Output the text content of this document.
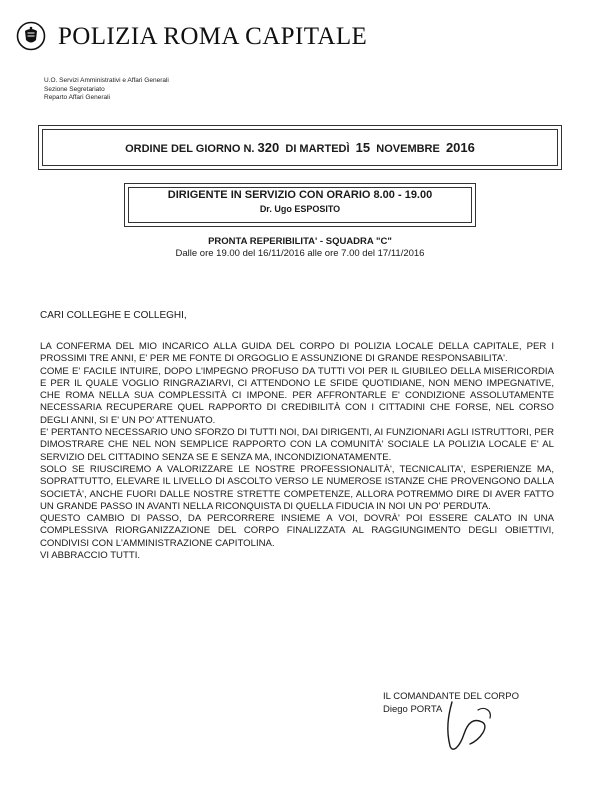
POLIZIA ROMA CAPITALE
U.O. Servizi Amministrativi e Affari Generali
Sezione Segretariato
Reparto Affari Generali
ORDINE DEL GIORNO N. 320 DI MARTEDÌ 15 NOVEMBRE 2016
DIRIGENTE IN SERVIZIO CON ORARIO 8.00 - 19.00
Dr. Ugo ESPOSITO
PRONTA REPERIBILITA' - SQUADRA "C"
Dalle ore 19.00 del 16/11/2016 alle ore 7.00 del 17/11/2016
CARI COLLEGHE E COLLEGHI,

LA CONFERMA DEL MIO INCARICO ALLA GUIDA DEL CORPO DI POLIZIA LOCALE DELLA CAPITALE, PER I PROSSIMI TRE ANNI, E' PER ME FONTE DI ORGOGLIO E ASSUNZIONE DI GRANDE RESPONSABILITA'.

COME E' FACILE INTUIRE, DOPO L'IMPEGNO PROFUSO DA TUTTI VOI PER IL GIUBILEO DELLA MISERICORDIA E PER IL QUALE VOGLIO RINGRAZIARVI, CI ATTENDONO LE SFIDE QUOTIDIANE, NON MENO IMPEGNATIVE, CHE ROMA NELLA SUA COMPLESSITÀ CI IMPONE. PER AFFRONTARLE E' CONDIZIONE ASSOLUTAMENTE NECESSARIA RECUPERARE QUEL RAPPORTO DI CREDIBILITÀ CON I CITTADINI CHE FORSE, NEL CORSO DEGLI ANNI, SI E' UN PO' ATTENUATO.

E' PERTANTO NECESSARIO UNO SFORZO DI TUTTI NOI, DAI DIRIGENTI, AI FUNZIONARI AGLI ISTRUTTORI, PER DIMOSTRARE CHE NEL NON SEMPLICE RAPPORTO CON LA COMUNITÀ' SOCIALE LA POLIZIA LOCALE E' AL SERVIZIO DEL CITTADINO SENZA SE E SENZA MA, INCONDIZIONATAMENTE.

SOLO SE RIUSCIREMO A VALORIZZARE LE NOSTRE PROFESSIONALITÀ', TECNICALITA', ESPERIENZE MA, SOPRATTUTTO, ELEVARE IL LIVELLO DI ASCOLTO VERSO LE NUMEROSE ISTANZE CHE PROVENGONO DALLA SOCIETÀ', ANCHE FUORI DALLE NOSTRE STRETTE COMPETENZE, ALLORA POTREMMO DIRE DI AVER FATTO UN GRANDE PASSO IN AVANTI NELLA RICONQUISTA DI QUELLA FIDUCIA IN NOI UN PO' PERDUTA.

QUESTO CAMBIO DI PASSO, DA PERCORRERE INSIEME A VOI, DOVRÀ' POI ESSERE CALATO IN UNA COMPLESSIVA RIORGANIZZAZIONE DEL CORPO FINALIZZATA AL RAGGIUNGIMENTO DEGLI OBIETTIVI, CONDIVISI CON L'AMMINISTRAZIONE CAPITOLINA.

VI ABBRACCIO TUTTI.

IL COMANDANTE DEL CORPO
Diego PORTA
